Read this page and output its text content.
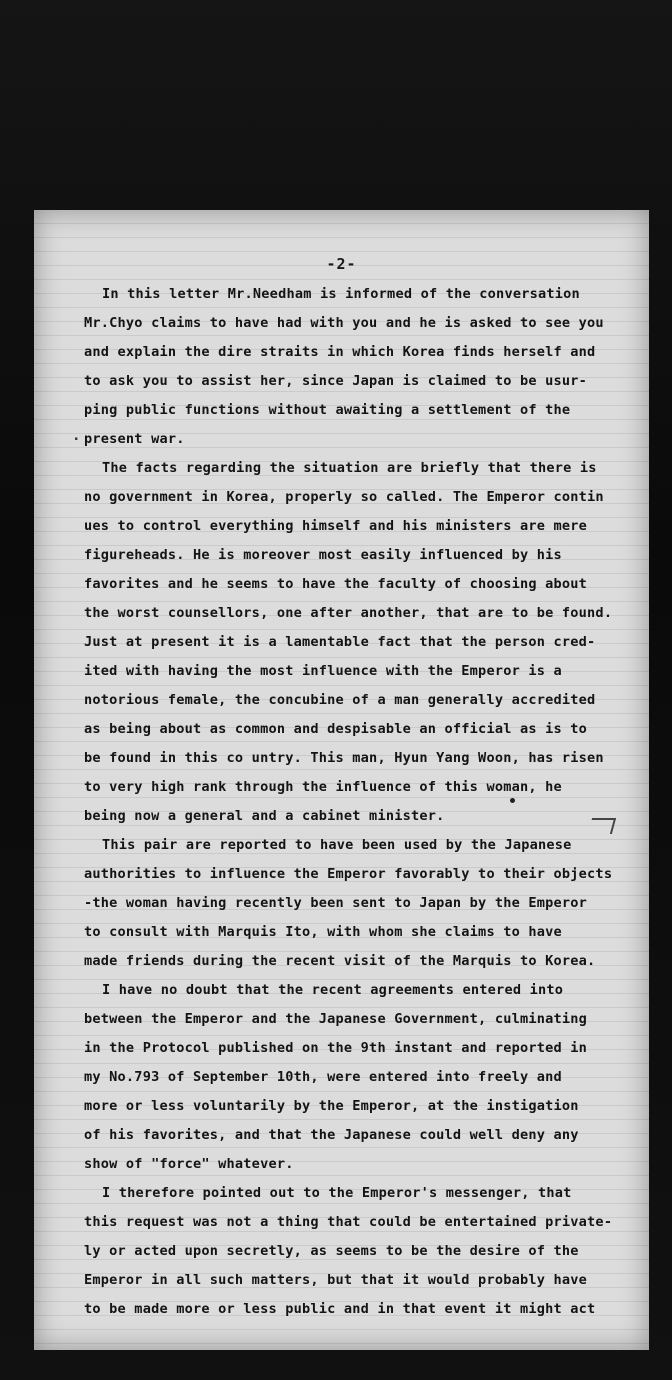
-2-
.
In this letter Mr.Needham is informed of the conversation
Mr.Chyo claims to have had with you and he is asked to see you
and explain the dire straits in which Korea finds herself and
to ask you to assist her, since Japan is claimed to be usur-
ping public functions without awaiting a settlement of the
present war.
The facts regarding the situation are briefly that there is
no government in Korea, properly so called. The Emperor contin
ues to control everything himself and his ministers are mere
figureheads. He is moreover most easily influenced by his
favorites and he seems to have the faculty of choosing about
the worst counsellors, one after another, that are to be found.
Just at present it is a lamentable fact that the person cred-
ited with having the most influence with the Emperor is a
notorious female, the concubine of a man generally accredited
as being about as common and despisable an official as is to
be found in this co untry. This man, Hyun Yang Woon, has risen
to very high rank through the influence of this woman, he
being now a general and a cabinet minister.
This pair are reported to have been used by the Japanese
authorities to influence the Emperor favorably to their objects
-the woman having recently been sent to Japan by the Emperor
to consult with Marquis Ito, with whom she claims to have
made friends during the recent visit of the Marquis to Korea.
I have no doubt that the recent agreements entered into
between the Emperor and the Japanese Government, culminating
in the Protocol published on the 9th instant and reported in
my No.793 of September 10th, were entered into freely and
more or less voluntarily by the Emperor, at the instigation
of his favorites, and that the Japanese could well deny any
show of "force" whatever.
I therefore pointed out to the Emperor's messenger, that
this request was not a thing that could be entertained private-
ly or acted upon secretly, as seems to be the desire of the
Emperor in all such matters, but that it would probably have
to be made more or less public and in that event it might act
